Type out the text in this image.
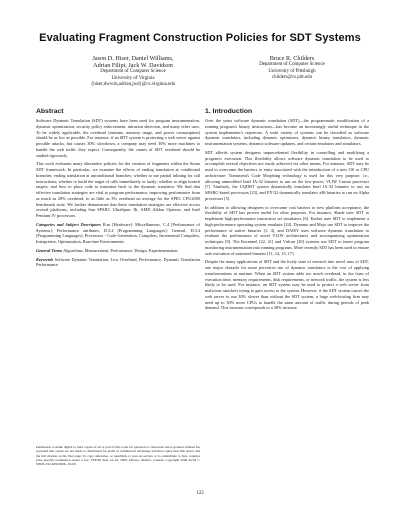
Evaluating Fragment Construction Policies for SDT Systems
Jason D. Hiser, Daniel Williams,
Adrian Filipi, Jack W. Davidson
Department of Computer Science
University of Virginia
{hiser,dww4s,adrian,jwd}@cs.virginia.edu
Bruce R. Childers
Department of Computer Science
University of Pittsburgh
childers@cs.pitt.edu
Abstract

Software Dynamic Translation (SDT) systems have been used for program instrumentation, dynamic optimization, security policy enforcement, intrusion detection, and many other uses. To be widely applicable, the overhead (runtime, memory usage, and power consumption) should be as low as possible. For instance, if an SDT system is protecting a web server against possible attacks, but causes 30% slowdown, a company may need 30% more machines to handle the web traffic they expect. Consequently, the causes of SDT overhead should be studied rigorously.

This work evaluates many alternative policies for the creation of fragments within the Strata SDT framework. In particular, we examine the effects of ending translation at conditional branches; ending translation at unconditional branches; whether to use partial inlining for call instructions; whether to build the target of calls immediately or lazily; whether to align branch targets; and how to place code to transition back to the dynamic translator. We find that effective translation strategies are vital to program performance, improving performance from as much as 28% overhead, to as little as 3% overhead on average for the SPEC CPU2000 benchmark suite. We further demonstrate that these translation strategies are effective across several platforms, including Sun SPARC UltraSparc IIi, AMD Athlon Opteron, and Intel Pentium IV processors.

Categories and Subject Descriptors B.m [Hardware]: Miscellaneous, C.4 [Performance of Systems]: Performance attributes, D.3.4 [Programming Languages]: General, D.3.4 [Programming Languages]: Processors - Code Generation, Compilers, Incremental Compilers, Interpreters, Optimization, Run-time Environments

General Terms Algorithms, Measurement, Performance, Design, Experimentation.

Keywords Software Dynamic Translation, Low Overhead, Performance, Dynamic Translation Performance

1. Introduction

Over the years software dynamic translation (SDT)—the programmatic modification of a running program's binary instructions—has become an increasingly useful technique in the system implementer's repertoire. A wide variety of systems can be classified as software dynamic translators, including dynamic optimizers, dynamic binary translators, dynamic instrumentation systems, dynamic software updaters, and certain emulators and simulators.

SDT affords system designers unprecedented flexibility in controlling and modifying a program's execution. This flexibility allows software dynamic translation to be used to accomplish several objectives not easily achieved via other means. For instance, SDT may be used to overcome the barriers to entry associated with the introduction of a new OS or CPU architecture. Transmeta's Code Morphing technology is used for this very purpose; i.e., allowing unmodified Intel IA-32 binaries to run on the low-power, VLIW Crusoe processor [7]. Similarly, the UQDBT system dynamically translates Intel IA-32 binaries to run on SPARC-based processors [23], and FX!32 dynamically translates x86 binaries to run on Alpha processors [5].

In addition to allowing designers to overcome cost barriers to new platform acceptance, the flexibility of SDT has proven useful for other purposes. For instance, Shade uses SDT to implement high-performance instruction set simulators [6]. Embra uses SDT to implement a high-performance operating system emulator [24]. Dynamo and Mojo use SDT to improve the performance of native binaries [1, 4], and DAISY uses software dynamic translation to evaluate the performance of novel VLIW architectures and accompanying optimization techniques [9]. The Kernimel [22, 21] and Vulcan [20] systems use SDT to insert program monitoring instrumentation into running programs. More recently SDT has been used to ensure safe execution of untrusted binaries [11, 14, 15, 17].

Despite the many applications of SDT and the lively state of research into novel uses of SDT, one major obstacle for more pervasive use of dynamic translators is the cost of applying transformations at runtime. When an SDT system adds too much overhead, in the form of execution time, memory requirements, disk requirements, or network traffic, the system is less likely to be used. For instance, an SDT system may be used to protect a web server from malicious attackers trying to gain access to the system. However, if the SDT system causes the web server to run 30% slower than without the SDT system, a large web-hosting firm may need up to 30% more CPUs to handle the same amount of traffic during periods of peak demand. This increase corresponds to a 30% increase

Permission to make digital or hard copies of all or part of this work for personal or classroom use is granted without fee provided that copies are not made or distributed for profit or commercial advantage and that copies bear this notice and the full citation on the first page. To copy otherwise, or republish, to post on servers or to redistribute to lists, requires prior specific permission and/or a fee. VEE'06 June 14–16, 2006, Ottawa, Ontario, Canada. Copyright 2006 ACM 1-59593-332-6/06/0006...$5.00.
122
